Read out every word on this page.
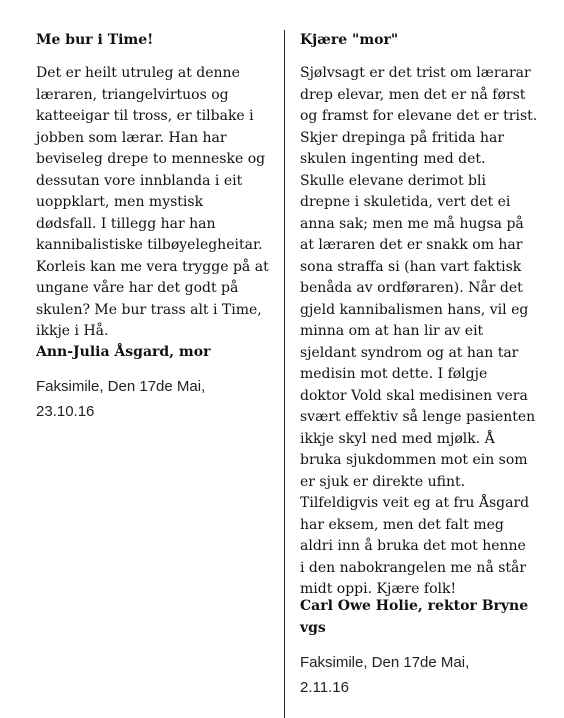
Me bur i Time!
Det er heilt utruleg at denne
læraren, triangelvirtuos og
katteeigar til tross, er tilbake i
jobben som lærar. Han har
beviseleg drepe to menneske og
dessutan vore innblanda i eit
uoppklart, men mystisk
dødsfall. I tillegg har han
kannibalistiske tilbøyelegheitar.
Korleis kan me vera trygge på at
ungane våre har det godt på
skulen? Me bur trass alt i Time,
ikkje i Hå.
Ann-Julia Åsgard, mor
Faksimile, Den 17de Mai,
23.10.16
Kjære "mor"
Sjølvsagt er det trist om lærarar
drep elevar, men det er nå først
og framst for elevane det er trist.
Skjer drepinga på fritida har
skulen ingenting med det.
Skulle elevane derimot bli
drepne i skuletida, vert det ei
anna sak; men me må hugsa på
at læraren det er snakk om har
sona straffa si (han vart faktisk
benåda av ordføraren). Når det
gjeld kannibalismen hans, vil eg
minna om at han lir av eit
sjeldant syndrom og at han tar
medisin mot dette. I følgje
doktor Vold skal medisinen vera
svært effektiv så lenge pasienten
ikkje skyl ned med mjølk. Å
bruka sjukdommen mot ein som
er sjuk er direkte ufint.
Tilfeldigvis veit eg at fru Åsgard
har eksem, men det falt meg
aldri inn å bruka det mot henne
i den nabokrangelen me nå står
midt oppi. Kjære folk!
Carl Owe Holie, rektor Bryne
vgs
Faksimile, Den 17de Mai,
2.11.16
